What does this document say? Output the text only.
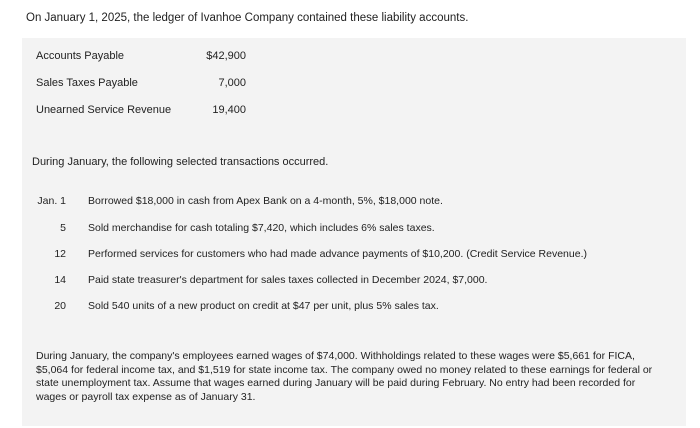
On January 1, 2025, the ledger of Ivanhoe Company contained these liability accounts.
Accounts Payable	$42,900
Sales Taxes Payable	7,000
Unearned Service Revenue	19,400
During January, the following selected transactions occurred.
Jan. 1 Borrowed $18,000 in cash from Apex Bank on a 4-month, 5%, $18,000 note.
5 Sold merchandise for cash totaling $7,420, which includes 6% sales taxes.
12 Performed services for customers who had made advance payments of $10,200. (Credit Service Revenue.)
14 Paid state treasurer's department for sales taxes collected in December 2024, $7,000.
20 Sold 540 units of a new product on credit at $47 per unit, plus 5% sales tax.
During January, the company's employees earned wages of $74,000. Withholdings related to these wages were $5,661 for FICA, $5,064 for federal income tax, and $1,519 for state income tax. The company owed no money related to these earnings for federal or state unemployment tax. Assume that wages earned during January will be paid during February. No entry had been recorded for wages or payroll tax expense as of January 31.
